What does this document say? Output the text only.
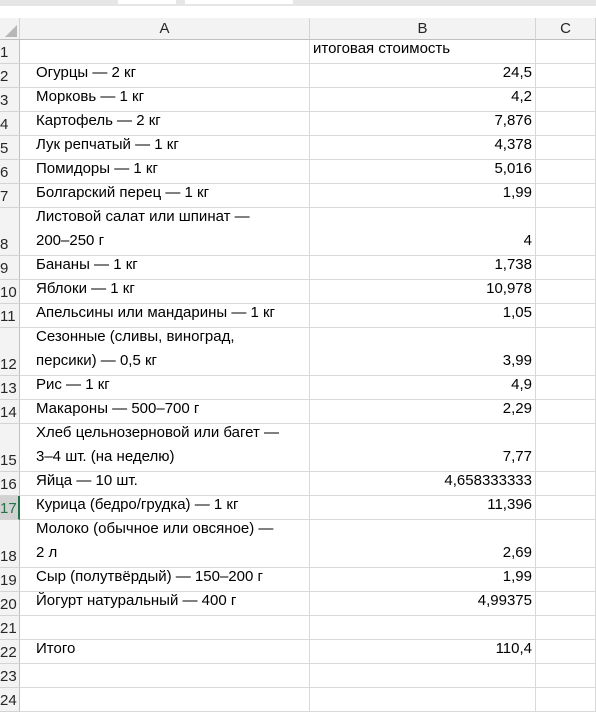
A	B	C
1	итоговая стоимость
2 Огурцы — 2 кг	24,5
3 Морковь — 1 кг	4,2
4 Картофель — 2 кг	7,876
5 Лук репчатый — 1 кг	4,378
6 Помидоры — 1 кг	5,016
7 Болгарский перец — 1 кг	1,99
8
Листовой салат или шпинат —
200–250 г	4
9 Бананы — 1 кг	1,738
10 Яблоки — 1 кг	10,978
11 Апельсины или мандарины — 1 кг	1,05
12
Сезонные (сливы, виноград,
персики) — 0,5 кг	3,99
13 Рис — 1 кг	4,9
14 Макароны — 500–700 г	2,29
15
Хлеб цельнозерновой или багет —
3–4 шт. (на неделю)	7,77
16 Яйца — 10 шт.	4,658333333
17 Курица (бедро/грудка) — 1 кг	11,396
18
Молоко (обычное или овсяное) —
2 л	2,69
19 Сыр (полутвёрдый) — 150–200 г	1,99
20 Йогурт натуральный — 400 г	4,99375
21
22 Итого	110,4
23
24
